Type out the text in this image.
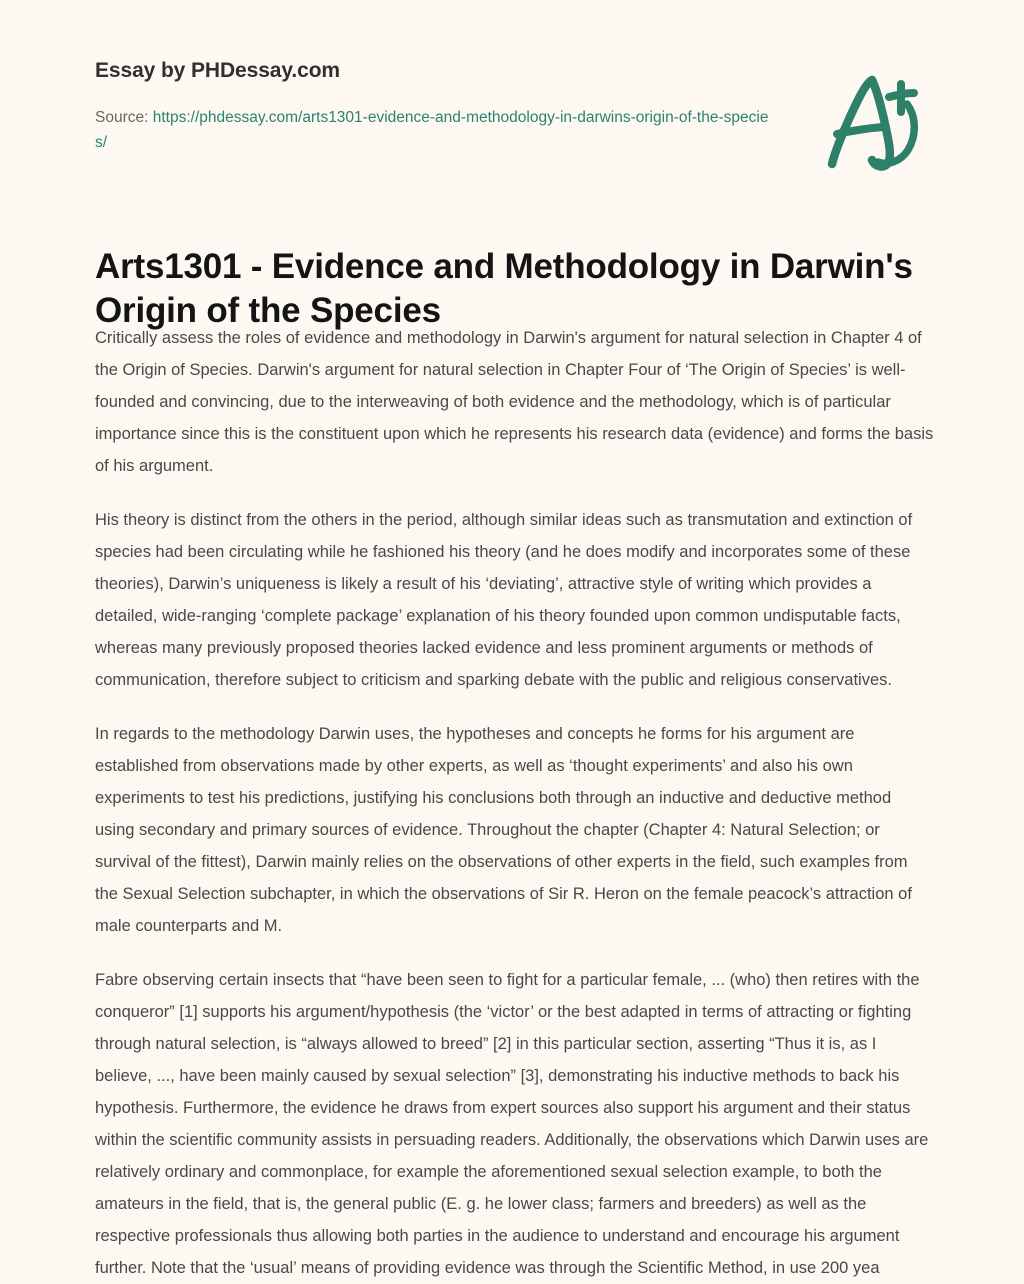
Essay by PHDessay.com
Source: https://phdessay.com/arts1301-evidence-and-methodology-in-darwins-origin-of-the-species/
Arts1301 - Evidence and Methodology in Darwin's Origin of the Species

Critically assess the roles of evidence and methodology in Darwin's argument for natural selection in Chapter 4 of the Origin of Species. Darwin's argument for natural selection in Chapter Four of ‘The Origin of Species’ is well-founded and convincing, due to the interweaving of both evidence and the methodology, which is of particular importance since this is the constituent upon which he represents his research data (evidence) and forms the basis of his argument.

His theory is distinct from the others in the period, although similar ideas such as transmutation and extinction of species had been circulating while he fashioned his theory (and he does modify and incorporates some of these theories), Darwin’s uniqueness is likely a result of his ‘deviating’, attractive style of writing which provides a detailed, wide-ranging ‘complete package’ explanation of his theory founded upon common undisputable facts, whereas many previously proposed theories lacked evidence and less prominent arguments or methods of communication, therefore subject to criticism and sparking debate with the public and religious conservatives.

In regards to the methodology Darwin uses, the hypotheses and concepts he forms for his argument are established from observations made by other experts, as well as ‘thought experiments’ and also his own experiments to test his predictions, justifying his conclusions both through an inductive and deductive method using secondary and primary sources of evidence. Throughout the chapter (Chapter 4: Natural Selection; or survival of the fittest), Darwin mainly relies on the observations of other experts in the field, such examples from the Sexual Selection subchapter, in which the observations of Sir R. Heron on the female peacock’s attraction of male counterparts and M.

Fabre observing certain insects that “have been seen to fight for a particular female, ... (who) then retires with the conqueror” [1] supports his argument/hypothesis (the ‘victor’ or the best adapted in terms of attracting or fighting through natural selection, is “always allowed to breed” [2] in this particular section, asserting “Thus it is, as I believe, ..., have been mainly caused by sexual selection” [3], demonstrating his inductive methods to back his hypothesis. Furthermore, the evidence he draws from expert sources also support his argument and their status within the scientific community assists in persuading readers. Additionally, the observations which Darwin uses are relatively ordinary and commonplace, for example the aforementioned sexual selection example, to both the amateurs in the field, that is, the general public (E. g. he lower class; farmers and breeders) as well as the respective professionals thus allowing both parties in the audience to understand and encourage his argument further. Note that the ‘usual’ means of providing evidence was through the Scientific Method, in use 200 yea
